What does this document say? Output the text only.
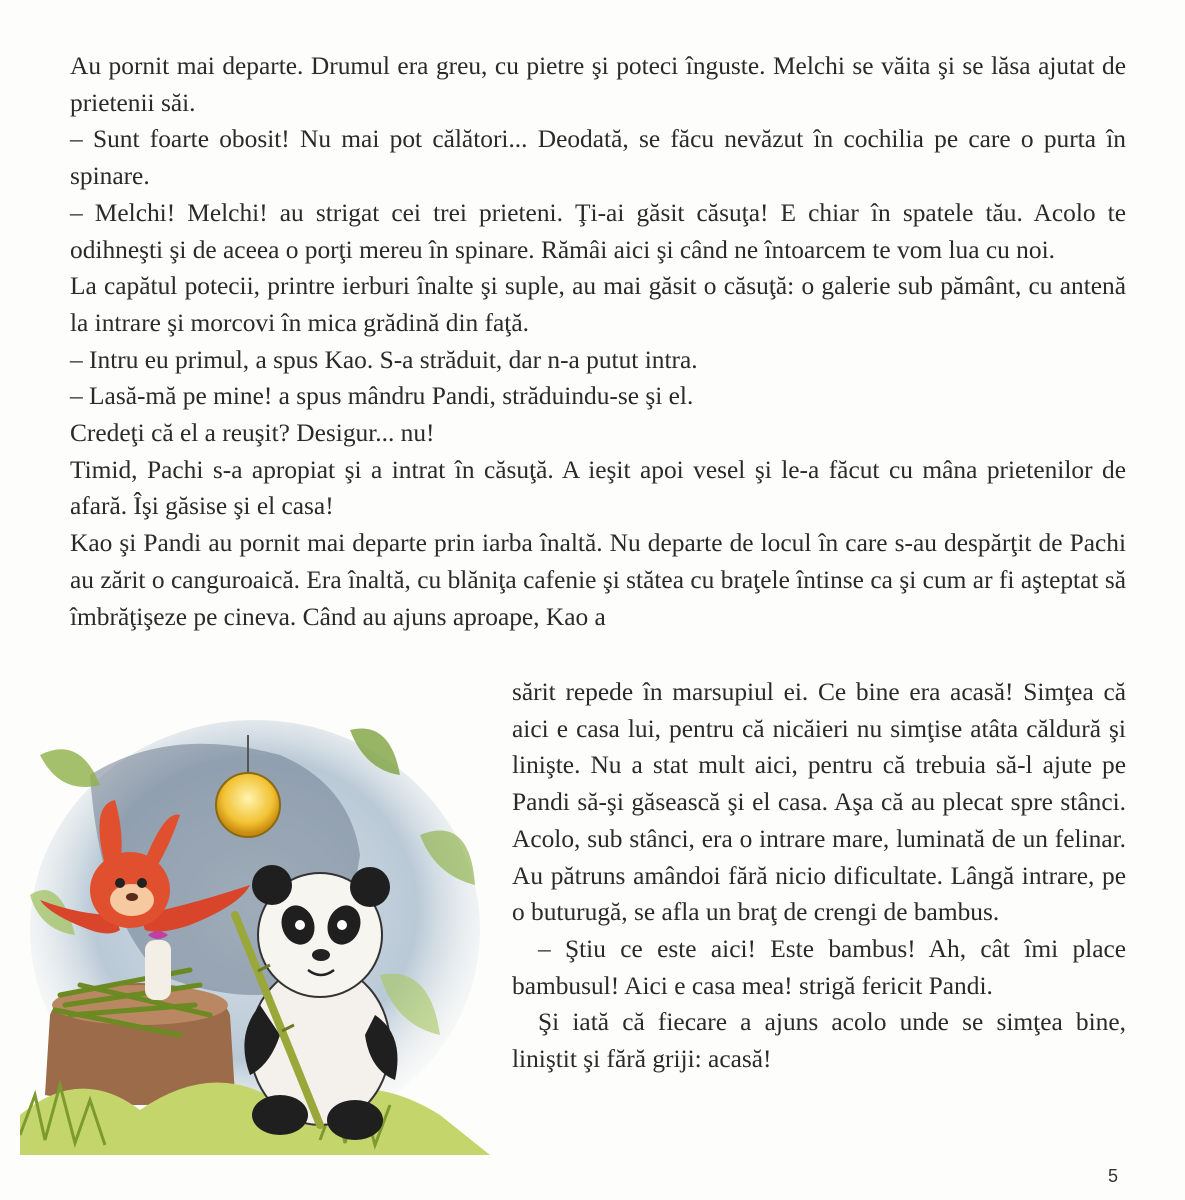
Au pornit mai departe. Drumul era greu, cu pietre şi poteci înguste. Melchi se văita şi se lăsa ajutat de prietenii săi.

– Sunt foarte obosit! Nu mai pot călători... Deodată, se făcu nevăzut în cochilia pe care o purta în spinare.

– Melchi! Melchi! au strigat cei trei prieteni. Ţi-ai găsit căsuţa! E chiar în spatele tău. Acolo te odihneşti şi de aceea o porţi mereu în spinare. Rămâi aici şi când ne întoarcem te vom lua cu noi.

La capătul potecii, printre ierburi înalte şi suple, au mai găsit o căsuţă: o galerie sub pământ, cu antenă la intrare şi morcovi în mica grădină din faţă.

– Intru eu primul, a spus Kao. S-a străduit, dar n-a putut intra.

– Lasă-mă pe mine! a spus mândru Pandi, străduindu-se şi el.

Credeţi că el a reuşit? Desigur... nu!

Timid, Pachi s-a apropiat şi a intrat în căsuţă. A ieşit apoi vesel şi le-a făcut cu mâna prietenilor de afară. Îşi găsise şi el casa!

Kao şi Pandi au pornit mai departe prin iarba înaltă. Nu departe de locul în care s-au despărţit de Pachi au zărit o canguroaică. Era înaltă, cu blăniţa cafenie şi stătea cu braţele întinse ca şi cum ar fi aşteptat să îmbrăţişeze pe cineva. Când au ajuns aproape, Kao a

sărit repede în marsupiul ei. Ce bine era acasă! Simţea că aici e casa lui, pentru că nicăieri nu simţise atâta căldură şi linişte. Nu a stat mult aici, pentru că trebuia să-l ajute pe Pandi să-şi găsească şi el casa. Aşa că au plecat spre stânci. Acolo, sub stânci, era o intrare mare, luminată de un felinar. Au pătruns amândoi fără nicio dificultate. Lângă intrare, pe o buturugă, se afla un braţ de crengi de bambus.

– Ştiu ce este aici! Este bambus! Ah, cât îmi place bambusul! Aici e casa mea! strigă fericit Pandi.

Şi iată că fiecare a ajuns acolo unde se simţea bine, liniştit şi fără griji: acasă!

5
